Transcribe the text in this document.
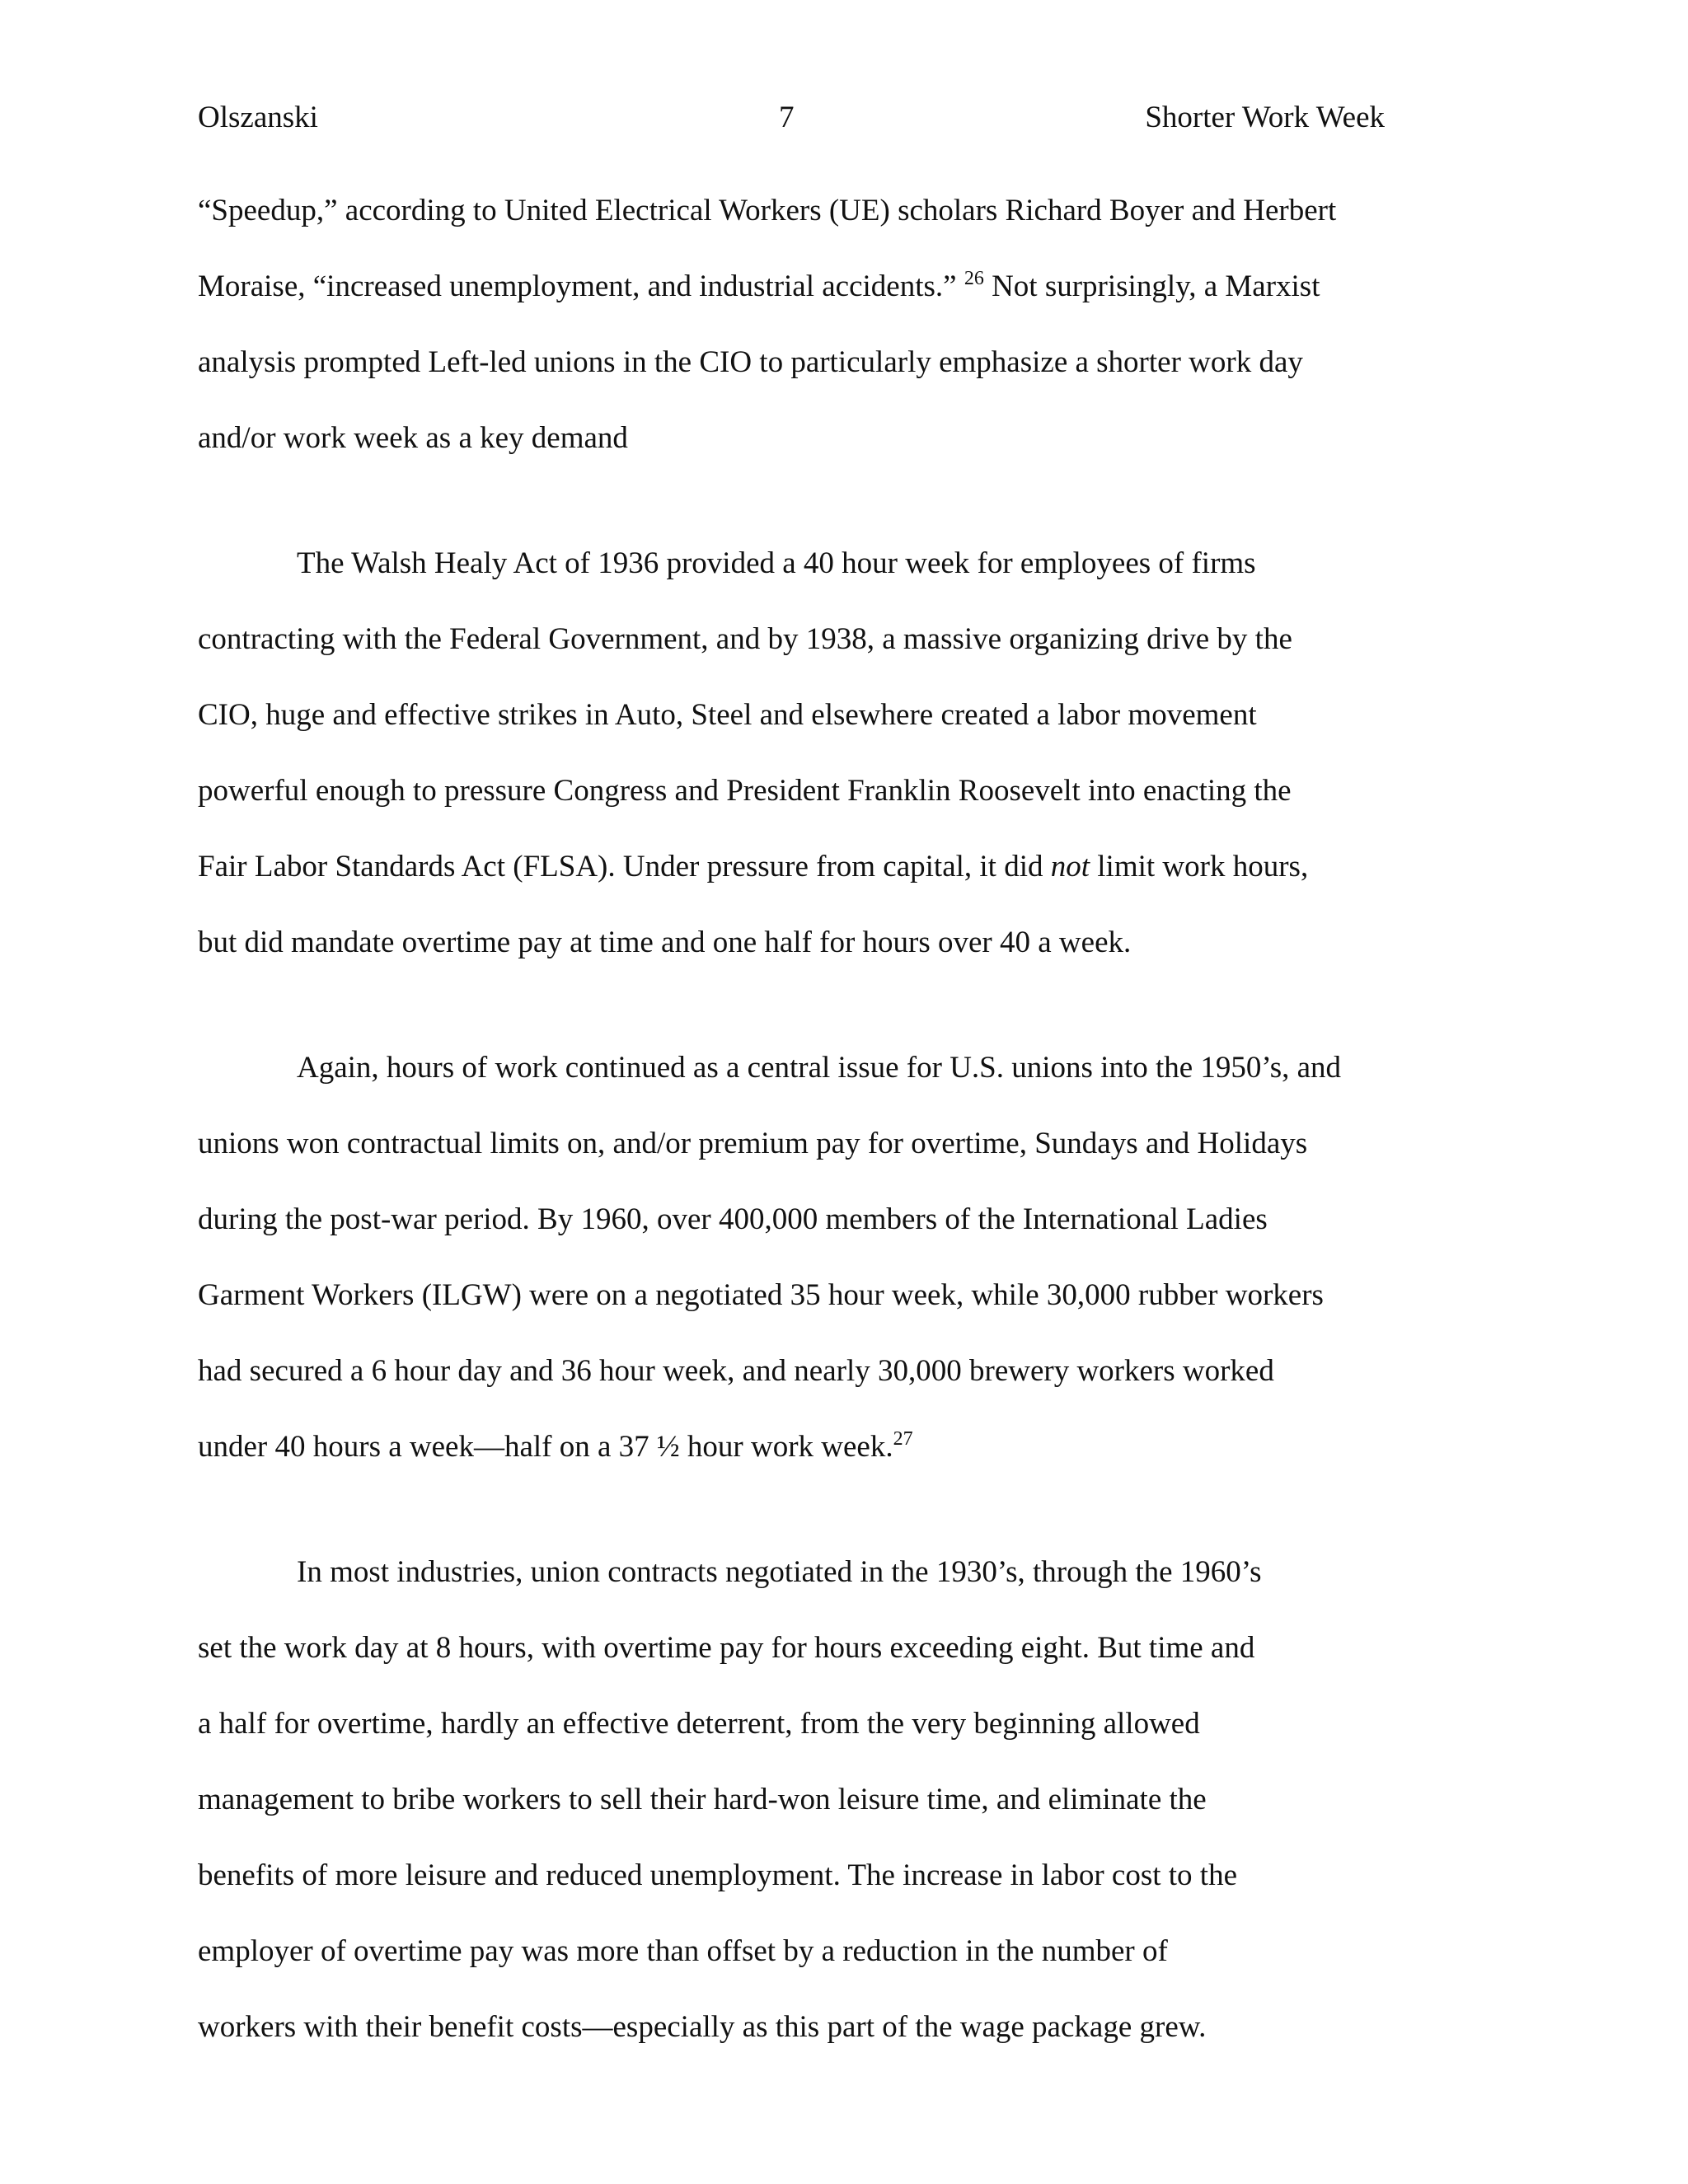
Olszanski	7	Shorter Work Week

“Speedup,” according to United Electrical Workers (UE) scholars Richard Boyer and Herbert
Moraise, “increased unemployment, and industrial accidents.” $^{26}$ Not surprisingly, a Marxist
analysis prompted Left-led unions in the CIO to particularly emphasize a shorter work day
and/or work week as a key demand

The Walsh Healy Act of 1936 provided a 40 hour week for employees of firms
contracting with the Federal Government, and by 1938, a massive organizing drive by the
CIO, huge and effective strikes in Auto, Steel and elsewhere created a labor movement
powerful enough to pressure Congress and President Franklin Roosevelt into enacting the
Fair Labor Standards Act (FLSA). Under pressure from capital, it did not limit work hours,
but did mandate overtime pay at time and one half for hours over 40 a week.

Again, hours of work continued as a central issue for U.S. unions into the 1950’s, and
unions won contractual limits on, and/or premium pay for overtime, Sundays and Holidays
during the post-war period. By 1960, over 400,000 members of the International Ladies
Garment Workers (ILGW) were on a negotiated 35 hour week, while 30,000 rubber workers
had secured a 6 hour day and 36 hour week, and nearly 30,000 brewery workers worked
under 40 hours a week—half on a 37 ½ hour work week.$^{27}$

In most industries, union contracts negotiated in the 1930’s, through the 1960’s
set the work day at 8 hours, with overtime pay for hours exceeding eight. But time and
a half for overtime, hardly an effective deterrent, from the very beginning allowed
management to bribe workers to sell their hard-won leisure time, and eliminate the
benefits of more leisure and reduced unemployment. The increase in labor cost to the
employer of overtime pay was more than offset by a reduction in the number of
workers with their benefit costs—especially as this part of the wage package grew.
